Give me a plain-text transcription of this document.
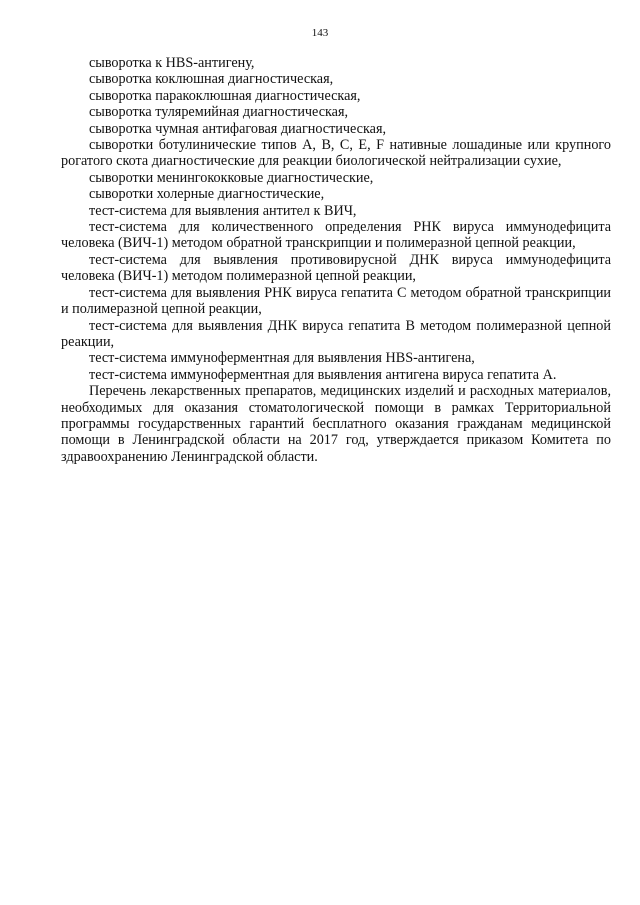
143

сыворотка к HBS-антигену,

сыворотка коклюшная диагностическая,

сыворотка паракоклюшная диагностическая,

сыворотка туляремийная диагностическая,

сыворотка чумная антифаговая диагностическая,

сыворотки ботулинические типов A, B, C, E, F нативные лошадиные или крупного рогатого скота диагностические для реакции биологической нейтрализации сухие,

сыворотки менингококковые диагностические,

сыворотки холерные диагностические,

тест-система для выявления антител к ВИЧ,

тест-система для количественного определения РНК вируса иммунодефицита человека (ВИЧ-1) методом обратной транскрипции и полимеразной цепной реакции,

тест-система для выявления противовирусной ДНК вируса иммунодефицита человека (ВИЧ-1) методом полимеразной цепной реакции,

тест-система для выявления РНК вируса гепатита С методом обратной транскрипции и полимеразной цепной реакции,

тест-система для выявления ДНК вируса гепатита В методом полимеразной цепной реакции,

тест-система иммуноферментная для выявления HBS-антигена,

тест-система иммуноферментная для выявления антигена вируса гепатита А.

Перечень лекарственных препаратов, медицинских изделий и расходных материалов, необходимых для оказания стоматологической помощи в рамках Территориальной программы государственных гарантий бесплатного оказания гражданам медицинской помощи в Ленинградской области на 2017 год, утверждается приказом Комитета по здравоохранению Ленинградской области.
